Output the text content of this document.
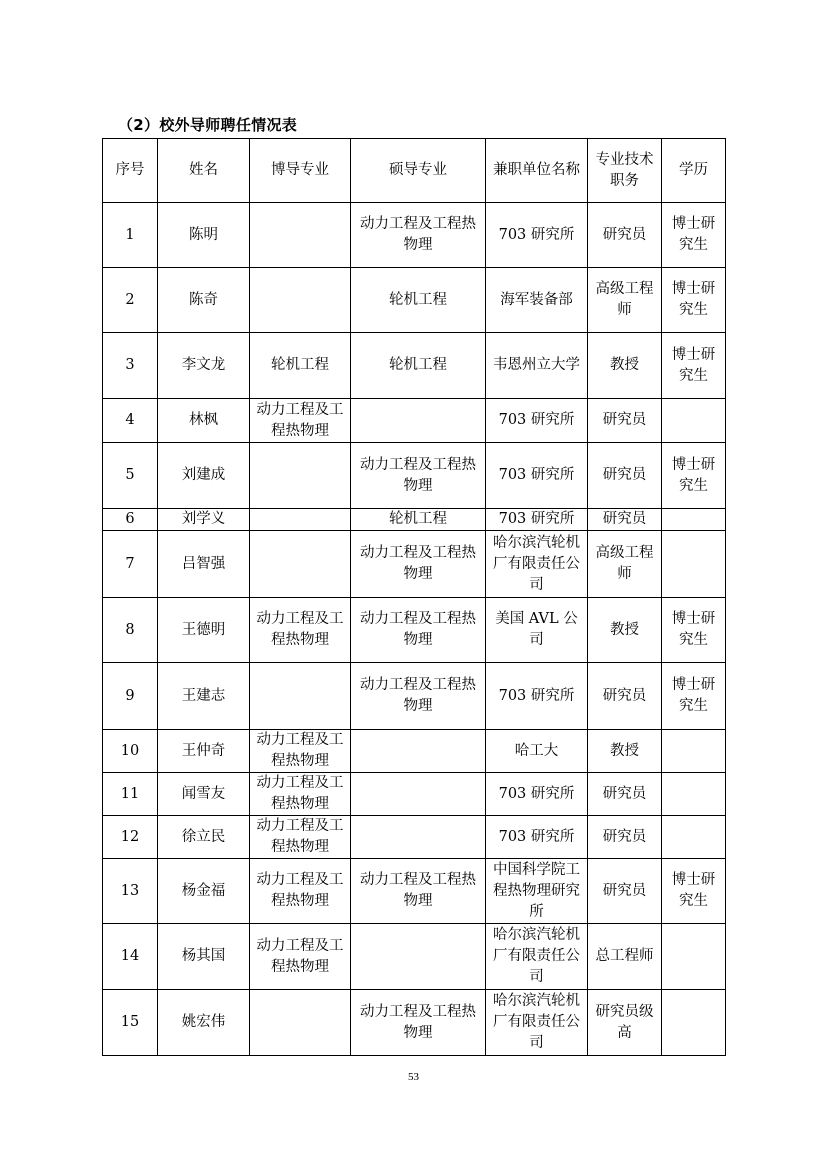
（2）校外导师聘任情况表
序号	姓名	博导专业	硕导专业	兼职单位名称	专业技术职务	学历
1	陈明		动力工程及工程热物理	703 研究所	研究员	博士研究生
2	陈奇		轮机工程	海军装备部	高级工程师	博士研究生
3	李文龙	轮机工程	轮机工程	韦恩州立大学	教授	博士研究生
4	林枫	动力工程及工程热物理		703 研究所	研究员	
5	刘建成		动力工程及工程热物理	703 研究所	研究员	博士研究生
6	刘学义		轮机工程	703 研究所	研究员	
7	吕智强		动力工程及工程热物理	哈尔滨汽轮机厂有限责任公司	高级工程师	
8	王德明	动力工程及工程热物理	动力工程及工程热物理	美国 AVL 公司	教授	博士研究生
9	王建志		动力工程及工程热物理	703 研究所	研究员	博士研究生
10	王仲奇	动力工程及工程热物理		哈工大	教授	
11	闻雪友	动力工程及工程热物理		703 研究所	研究员	
12	徐立民	动力工程及工程热物理		703 研究所	研究员	
13	杨金福	动力工程及工程热物理	动力工程及工程热物理	中国科学院工程热物理研究所	研究员	博士研究生
14	杨其国	动力工程及工程热物理		哈尔滨汽轮机厂有限责任公司	总工程师	
15	姚宏伟		动力工程及工程热物理	哈尔滨汽轮机厂有限责任公司	研究员级高	
53
